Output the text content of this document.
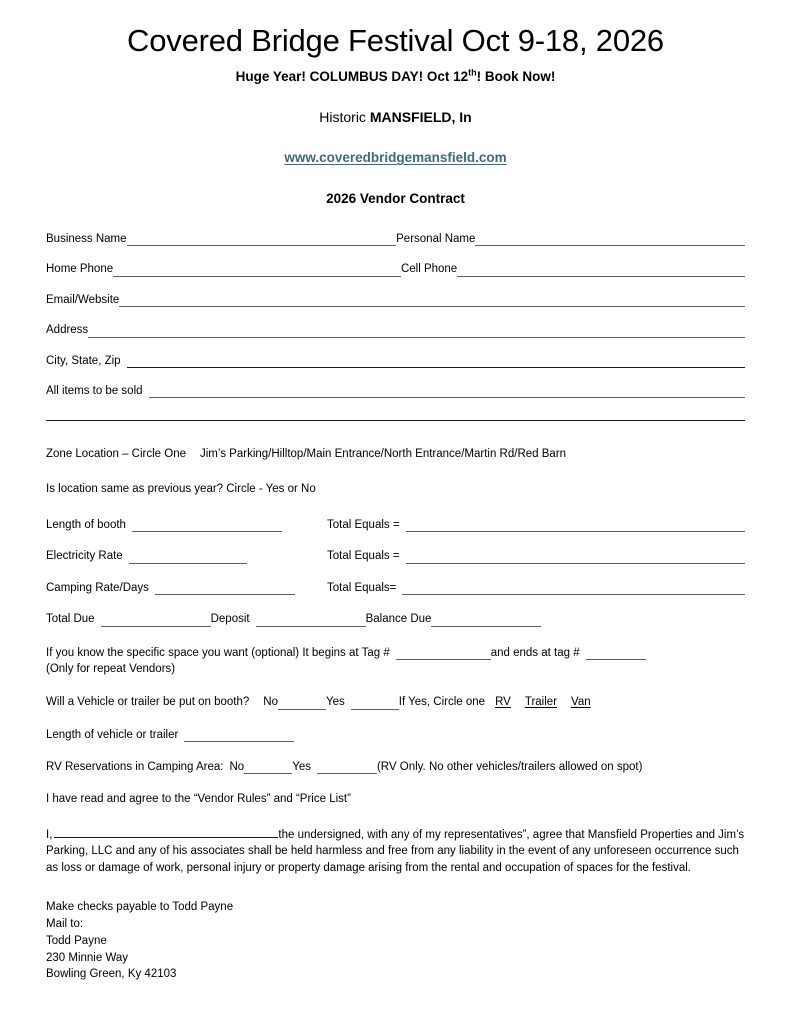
Covered Bridge Festival Oct 9-18, 2026

Huge Year! COLUMBUS DAY! Oct 12th! Book Now!

Historic MANSFIELD, In

www.coveredbridgemansfield.com

2026 Vendor Contract

Business Name	Personal Name
Home Phone	Cell Phone
Email/Website
Address
City, State, Zip
All items to be sold
Zone Location – Circle One Jim’s Parking/Hilltop/Main Entrance/North Entrance/Martin Rd/Red Barn
Is location same as previous year? Circle - Yes or No
Length of booth	Total Equals =
Electricity Rate	Total Equals =
Camping Rate/Days	Total Equals=
Total Due	Deposit	Balance Due
If you know the specific space you want (optional) It begins at Tag #	and ends at tag #
(Only for repeat Vendors)
Will a Vehicle or trailer be put on booth? No	Yes	If Yes, Circle one RV Trailer Van
Length of vehicle or trailer
RV Reservations in Camping Area: No	Yes	(RV Only. No other vehicles/trailers allowed on spot)
I have read and agree to the “Vendor Rules” and “Price List”

I,	the undersigned, with any of my representatives”, agree that Mansfield Properties and Jim’s Parking, LLC and any of his associates shall be held harmless and free from any liability in the event of any unforeseen occurrence such as loss or damage of work, personal injury or property damage arising from the rental and occupation of spaces for the festival.

Make checks payable to Todd Payne
Mail to:
Todd Payne
230 Minnie Way
Bowling Green, Ky 42103
